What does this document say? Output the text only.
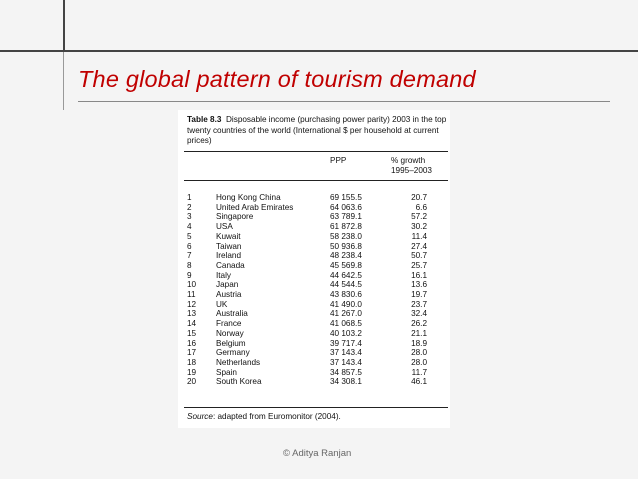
The global pattern of tourism demand
Table 8.3 Disposable income (purchasing power parity) 2003 in the top twenty countries of the world (International $ per household at current prices)
PPP	% growth
1995–2003
1	Hong Kong China	69 155.5	20.7
2	United Arab Emirates	64 063.6	6.6
3	Singapore	63 789.1	57.2
4	USA	61 872.8	30.2
5	Kuwait	58 238.0	11.4
6	Taiwan	50 936.8	27.4
7	Ireland	48 238.4	50.7
8	Canada	45 569.8	25.7
9	Italy	44 642.5	16.1
10 Japan	44 544.5	13.6
11	Austria	43 830.6	19.7
12 UK	41 490.0	23.7
13 Australia	41 267.0	32.4
14 France	41 068.5	26.2
15 Norway	40 103.2	21.1
16 Belgium	39 717.4	18.9
17 Germany	37 143.4	28.0
18 Netherlands	37 143.4	28.0
19 Spain	34 857.5	11.7
20 South Korea	34 308.1	46.1
Source: adapted from Euromonitor (2004).
© Aditya Ranjan
